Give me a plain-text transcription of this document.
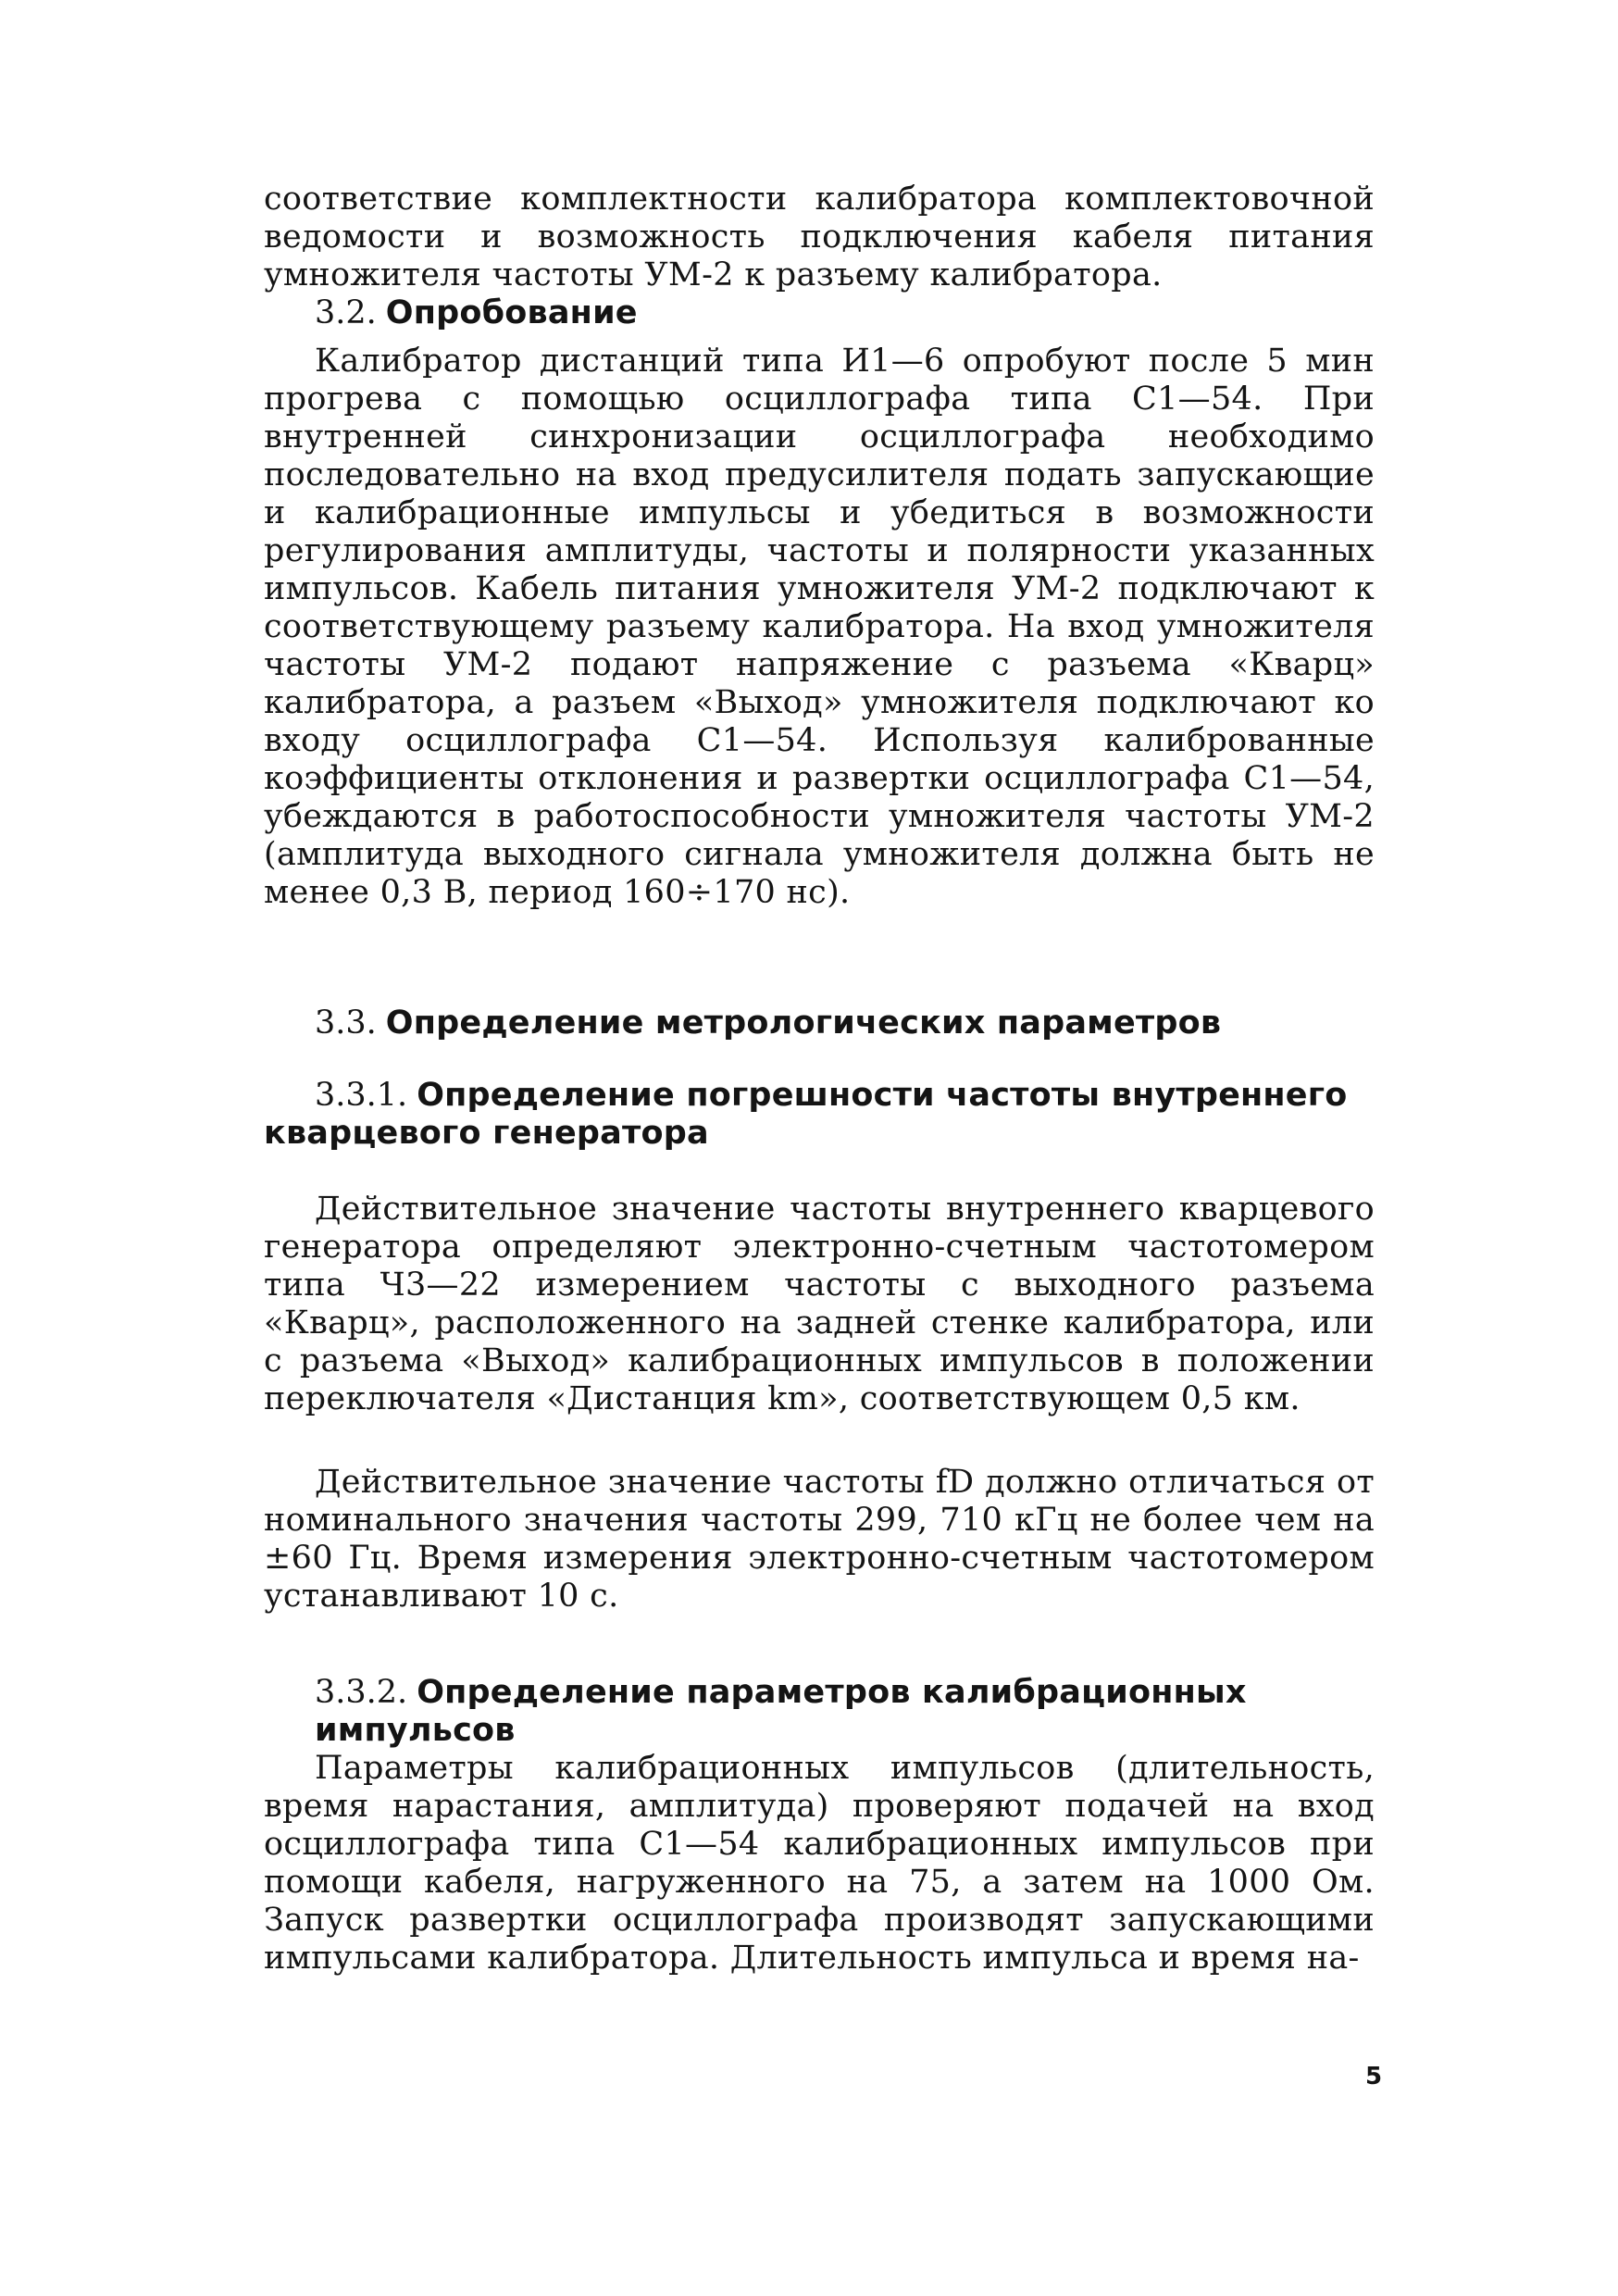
соответствие комплектности калибратора комплектовочной ведомости и возможность подключения кабеля питания умножителя частоты УМ-2 к разъему калибратора.

3.2. Опробование

Калибратор дистанций типа И1—6 опробуют после 5 мин прогрева с помощью осциллографа типа С1—54. При внутренней синхронизации осциллографа необходимо последовательно на вход предусилителя подать запускающие и калибрационные импульсы и убедиться в возможности регулирования амплитуды, частоты и полярности указанных импульсов. Кабель питания умножителя УМ-2 подключают к соответствующему разъему калибратора. На вход умножителя частоты УМ-2 подают напряжение с разъема «Кварц» калибратора, а разъем «Выход» умножителя подключают ко входу осциллографа С1—54. Используя калиброванные коэффициенты отклонения и развертки осциллографа С1—54, убеждаются в работоспособности умножителя частоты УМ-2 (амплитуда выходного сигнала умножителя должна быть не менее 0,3 В, период 160÷170 нс).

3.3. Определение метрологических параметров
3.3.1. Определение погрешности частоты внутреннего кварцевого генератора

Действительное значение частоты внутреннего кварцевого генератора определяют электронно-счетным частотомером типа Ч3—22 измерением частоты с выходного разъема «Кварц», расположенного на задней стенке калибратора, или с разъема «Выход» калибрационных импульсов в положении переключателя «Дистанция km», соответствующем 0,5 км.

Действительное значение частоты fD должно отличаться от номинального значения частоты 299, 710 кГц не более чем на ±60 Гц. Время измерения электронно-счетным частотомером устанавливают 10 с.

3.3.2. Определение параметров калибрационных импульсов

Параметры калибрационных импульсов (длительность, время нарастания, амплитуда) проверяют подачей на вход осциллографа типа С1—54 калибрационных импульсов при помощи кабеля, нагруженного на 75, а затем на 1000 Ом. Запуск развертки осциллографа производят запускающими импульсами калибратора. Длительность импульса и время на-

5
